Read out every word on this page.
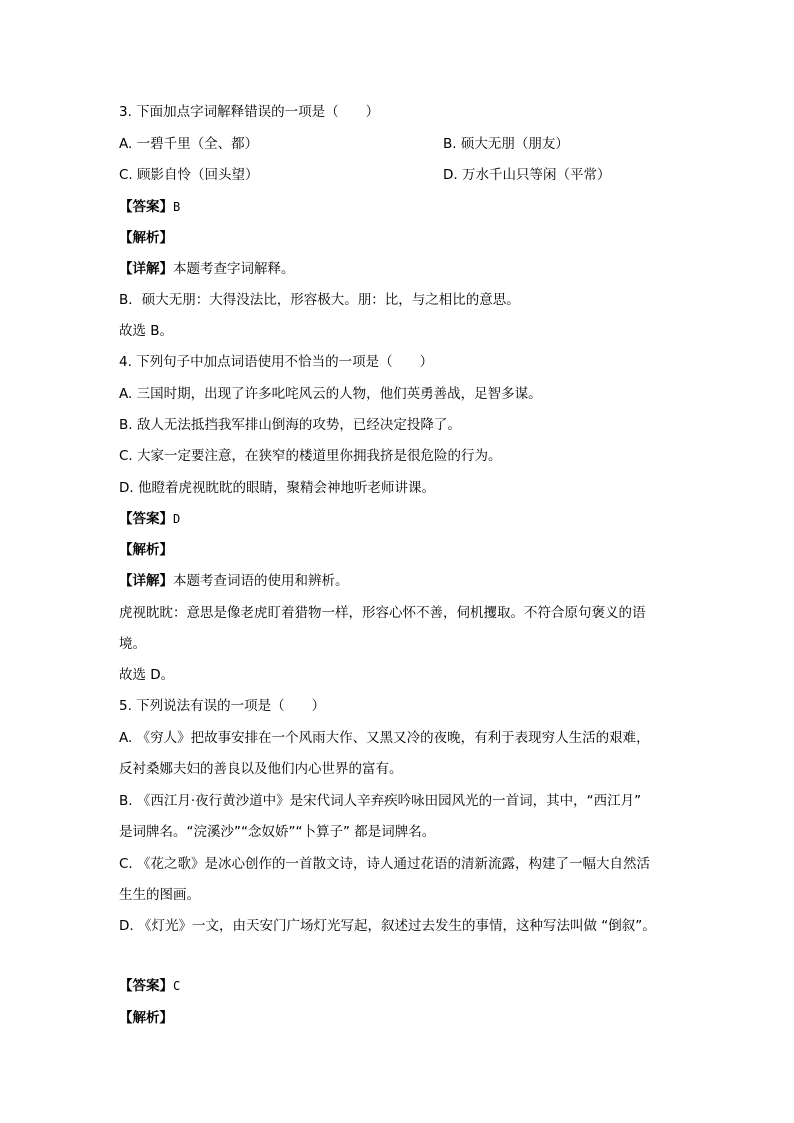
3. 下面加点字词解释错误的一项是（　　）
A. 一碧千里（全、都）	B. 硕大无朋（朋友）
C. 顾影自怜（回头望）	D. 万水千山只等闲（平常）
【答案】B
【解析】
【详解】本题考查字词解释。
B．硕大无朋：大得没法比，形容极大。朋：比，与之相比的意思。
故选 B。
4. 下列句子中加点词语使用不恰当的一项是（　　）
A. 三国时期，出现了许多叱咤风云的人物，他们英勇善战，足智多谋。
B. 敌人无法抵挡我军排山倒海的攻势，已经决定投降了。
C. 大家一定要注意，在狭窄的楼道里你拥我挤是很危险的行为。
D. 他瞪着虎视眈眈的眼睛，聚精会神地听老师讲课。
【答案】D
【解析】
【详解】本题考查词语的使用和辨析。
虎视眈眈：意思是像老虎盯着猎物一样，形容心怀不善，伺机攫取。不符合原句褒义的语
境。
故选 D。
5. 下列说法有误的一项是（　　）
A. 《穷人》把故事安排在一个风雨大作、又黑又冷的夜晚，有利于表现穷人生活的艰难，
反衬桑娜夫妇的善良以及他们内心世界的富有。
B. 《西江月·夜行黄沙道中》是宋代词人辛弃疾吟咏田园风光的一首词，其中，“西江月”
是词牌名。“浣溪沙”“念奴娇”“卜算子” 都是词牌名。
C. 《花之歌》是冰心创作的一首散文诗，诗人通过花语的清新流露，构建了一幅大自然活
生生的图画。
D. 《灯光》一文，由天安门广场灯光写起，叙述过去发生的事情，这种写法叫做 “倒叙”。
【答案】C
【解析】
